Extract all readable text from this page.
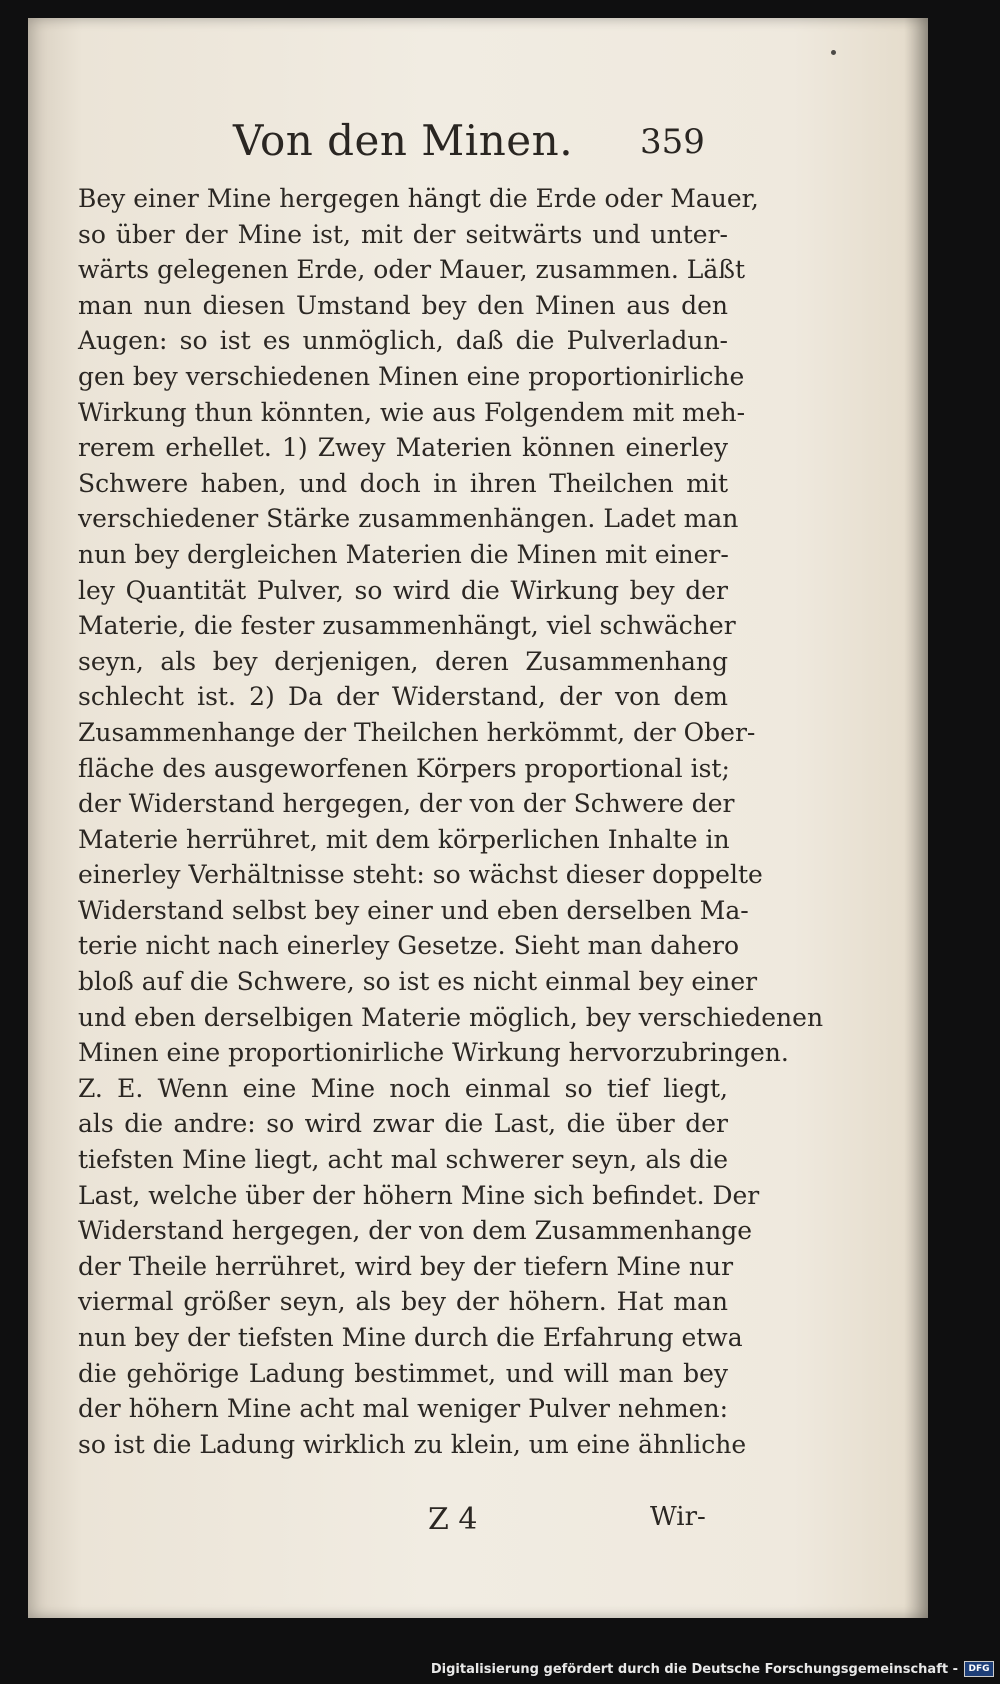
Von den Minen. 359
Bey einer Mine hergegen hängt die Erde oder Mauer,
so über der Mine ist, mit der seitwärts und unter-
wärts gelegenen Erde, oder Mauer, zusammen. Läßt
man nun diesen Umstand bey den Minen aus den
Augen: so ist es unmöglich, daß die Pulverladun-
gen bey verschiedenen Minen eine proportionirliche
Wirkung thun könnten, wie aus Folgendem mit meh-
rerem erhellet. 1) Zwey Materien können einerley
Schwere haben, und doch in ihren Theilchen mit
verschiedener Stärke zusammenhängen. Ladet man
nun bey dergleichen Materien die Minen mit einer-
ley Quantität Pulver, so wird die Wirkung bey der
Materie, die fester zusammenhängt, viel schwächer
seyn, als bey derjenigen, deren Zusammenhang
schlecht ist. 2) Da der Widerstand, der von dem
Zusammenhange der Theilchen herkömmt, der Ober-
fläche des ausgeworfenen Körpers proportional ist;
der Widerstand hergegen, der von der Schwere der
Materie herrühret, mit dem körperlichen Inhalte in
einerley Verhältnisse steht: so wächst dieser doppelte
Widerstand selbst bey einer und eben derselben Ma-
terie nicht nach einerley Gesetze. Sieht man dahero
bloß auf die Schwere, so ist es nicht einmal bey einer
und eben derselbigen Materie möglich, bey verschiedenen
Minen eine proportionirliche Wirkung hervorzubringen.
Z. E. Wenn eine Mine noch einmal so tief liegt,
als die andre: so wird zwar die Last, die über der
tiefsten Mine liegt, acht mal schwerer seyn, als die
Last, welche über der höhern Mine sich befindet. Der
Widerstand hergegen, der von dem Zusammenhange
der Theile herrühret, wird bey der tiefern Mine nur
viermal größer seyn, als bey der höhern. Hat man
nun bey der tiefsten Mine durch die Erfahrung etwa
die gehörige Ladung bestimmet, und will man bey
der höhern Mine acht mal weniger Pulver nehmen:
so ist die Ladung wirklich zu klein, um eine ähnliche
Z 4	Wir-
Digitalisierung gefördert durch die Deutsche Forschungsgemeinschaft - DFG
